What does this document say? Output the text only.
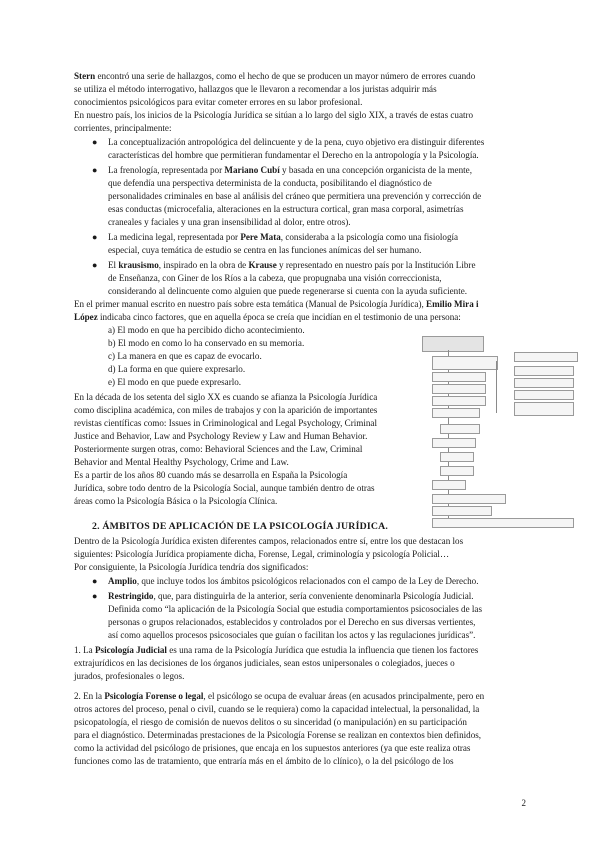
Stern encontró una serie de hallazgos, como el hecho de que se producen un mayor número de errores cuando
se utiliza el método interrogativo, hallazgos que le llevaron a recomendar a los juristas adquirir más
conocimientos psicológicos para evitar cometer errores en su labor profesional.
En nuestro país, los inicios de la Psicología Jurídica se sitúan a lo largo del siglo XIX, a través de estas cuatro
corrientes, principalmente:
● La conceptualización antropológica del delincuente y de la pena, cuyo objetivo era distinguir diferentes
características del hombre que permitieran fundamentar el Derecho en la antropología y la Psicología.
● La frenología, representada por Mariano Cubí y basada en una concepción organicista de la mente,
que defendía una perspectiva determinista de la conducta, posibilitando el diagnóstico de
personalidades criminales en base al análisis del cráneo que permitiera una prevención y corrección de
esas conductas (microcefalia, alteraciones en la estructura cortical, gran masa corporal, asimetrías
craneales y faciales y una gran insensibilidad al dolor, entre otros).
● La medicina legal, representada por Pere Mata, consideraba a la psicología como una fisiología
especial, cuya temática de estudio se centra en las funciones anímicas del ser humano.
● El krausismo, inspirado en la obra de Krause y representado en nuestro país por la Institución Libre
de Enseñanza, con Giner de los Ríos a la cabeza, que propugnaba una visión correccionista,
considerando al delincuente como alguien que puede regenerarse si cuenta con la ayuda suficiente.
En el primer manual escrito en nuestro país sobre esta temática (Manual de Psicología Jurídica), Emilio Mira i
López indicaba cinco factores, que en aquella época se creía que incidían en el testimonio de una persona:
a) El modo en que ha percibido dicho acontecimiento.
b) El modo en como lo ha conservado en su memoria.
c) La manera en que es capaz de evocarlo.
d) La forma en que quiere expresarlo.
e) El modo en que puede expresarlo.
En la década de los setenta del siglo XX es cuando se afianza la Psicología Jurídica
como disciplina académica, con miles de trabajos y con la aparición de importantes
revistas científicas como: Issues in Criminological and Legal Psychology, Criminal
Justice and Behavior, Law and Psychology Review y Law and Human Behavior.
Posteriormente surgen otras, como: Behavioral Sciences and the Law, Criminal
Behavior and Mental Healthy Psychology, Crime and Law.
Es a partir de los años 80 cuando más se desarrolla en España la Psicología
Jurídica, sobre todo dentro de la Psicología Social, aunque también dentro de otras
áreas como la Psicología Básica o la Psicología Clínica.
2. ÁMBITOS DE APLICACIÓN DE LA PSICOLOGÍA JURÍDICA.
Dentro de la Psicología Jurídica existen diferentes campos, relacionados entre sí, entre los que destacan los
siguientes: Psicología Jurídica propiamente dicha, Forense, Legal, criminología y psicología Policial…
Por consiguiente, la Psicología Jurídica tendría dos significados:
● Amplio, que incluye todos los ámbitos psicológicos relacionados con el campo de la Ley de Derecho.
● Restringido, que, para distinguirla de la anterior, sería conveniente denominarla Psicología Judicial.
Definida como “la aplicación de la Psicología Social que estudia comportamientos psicosociales de las
personas o grupos relacionados, establecidos y controlados por el Derecho en sus diversas vertientes,
así como aquellos procesos psicosociales que guían o facilitan los actos y las regulaciones jurídicas”.
1. La Psicología Judicial es una rama de la Psicología Jurídica que estudia la influencia que tienen los factores
extrajurídicos en las decisiones de los órganos judiciales, sean estos unipersonales o colegiados, jueces o
jurados, profesionales o legos.
2. En la Psicología Forense o legal, el psicólogo se ocupa de evaluar áreas (en acusados principalmente, pero en
otros actores del proceso, penal o civil, cuando se le requiera) como la capacidad intelectual, la personalidad, la
psicopatología, el riesgo de comisión de nuevos delitos o su sinceridad (o manipulación) en su participación
para el diagnóstico. Determinadas prestaciones de la Psicología Forense se realizan en contextos bien definidos,
como la actividad del psicólogo de prisiones, que encaja en los supuestos anteriores (ya que este realiza otras
funciones como las de tratamiento, que entraría más en el ámbito de lo clínico), o la del psicólogo de los
2
